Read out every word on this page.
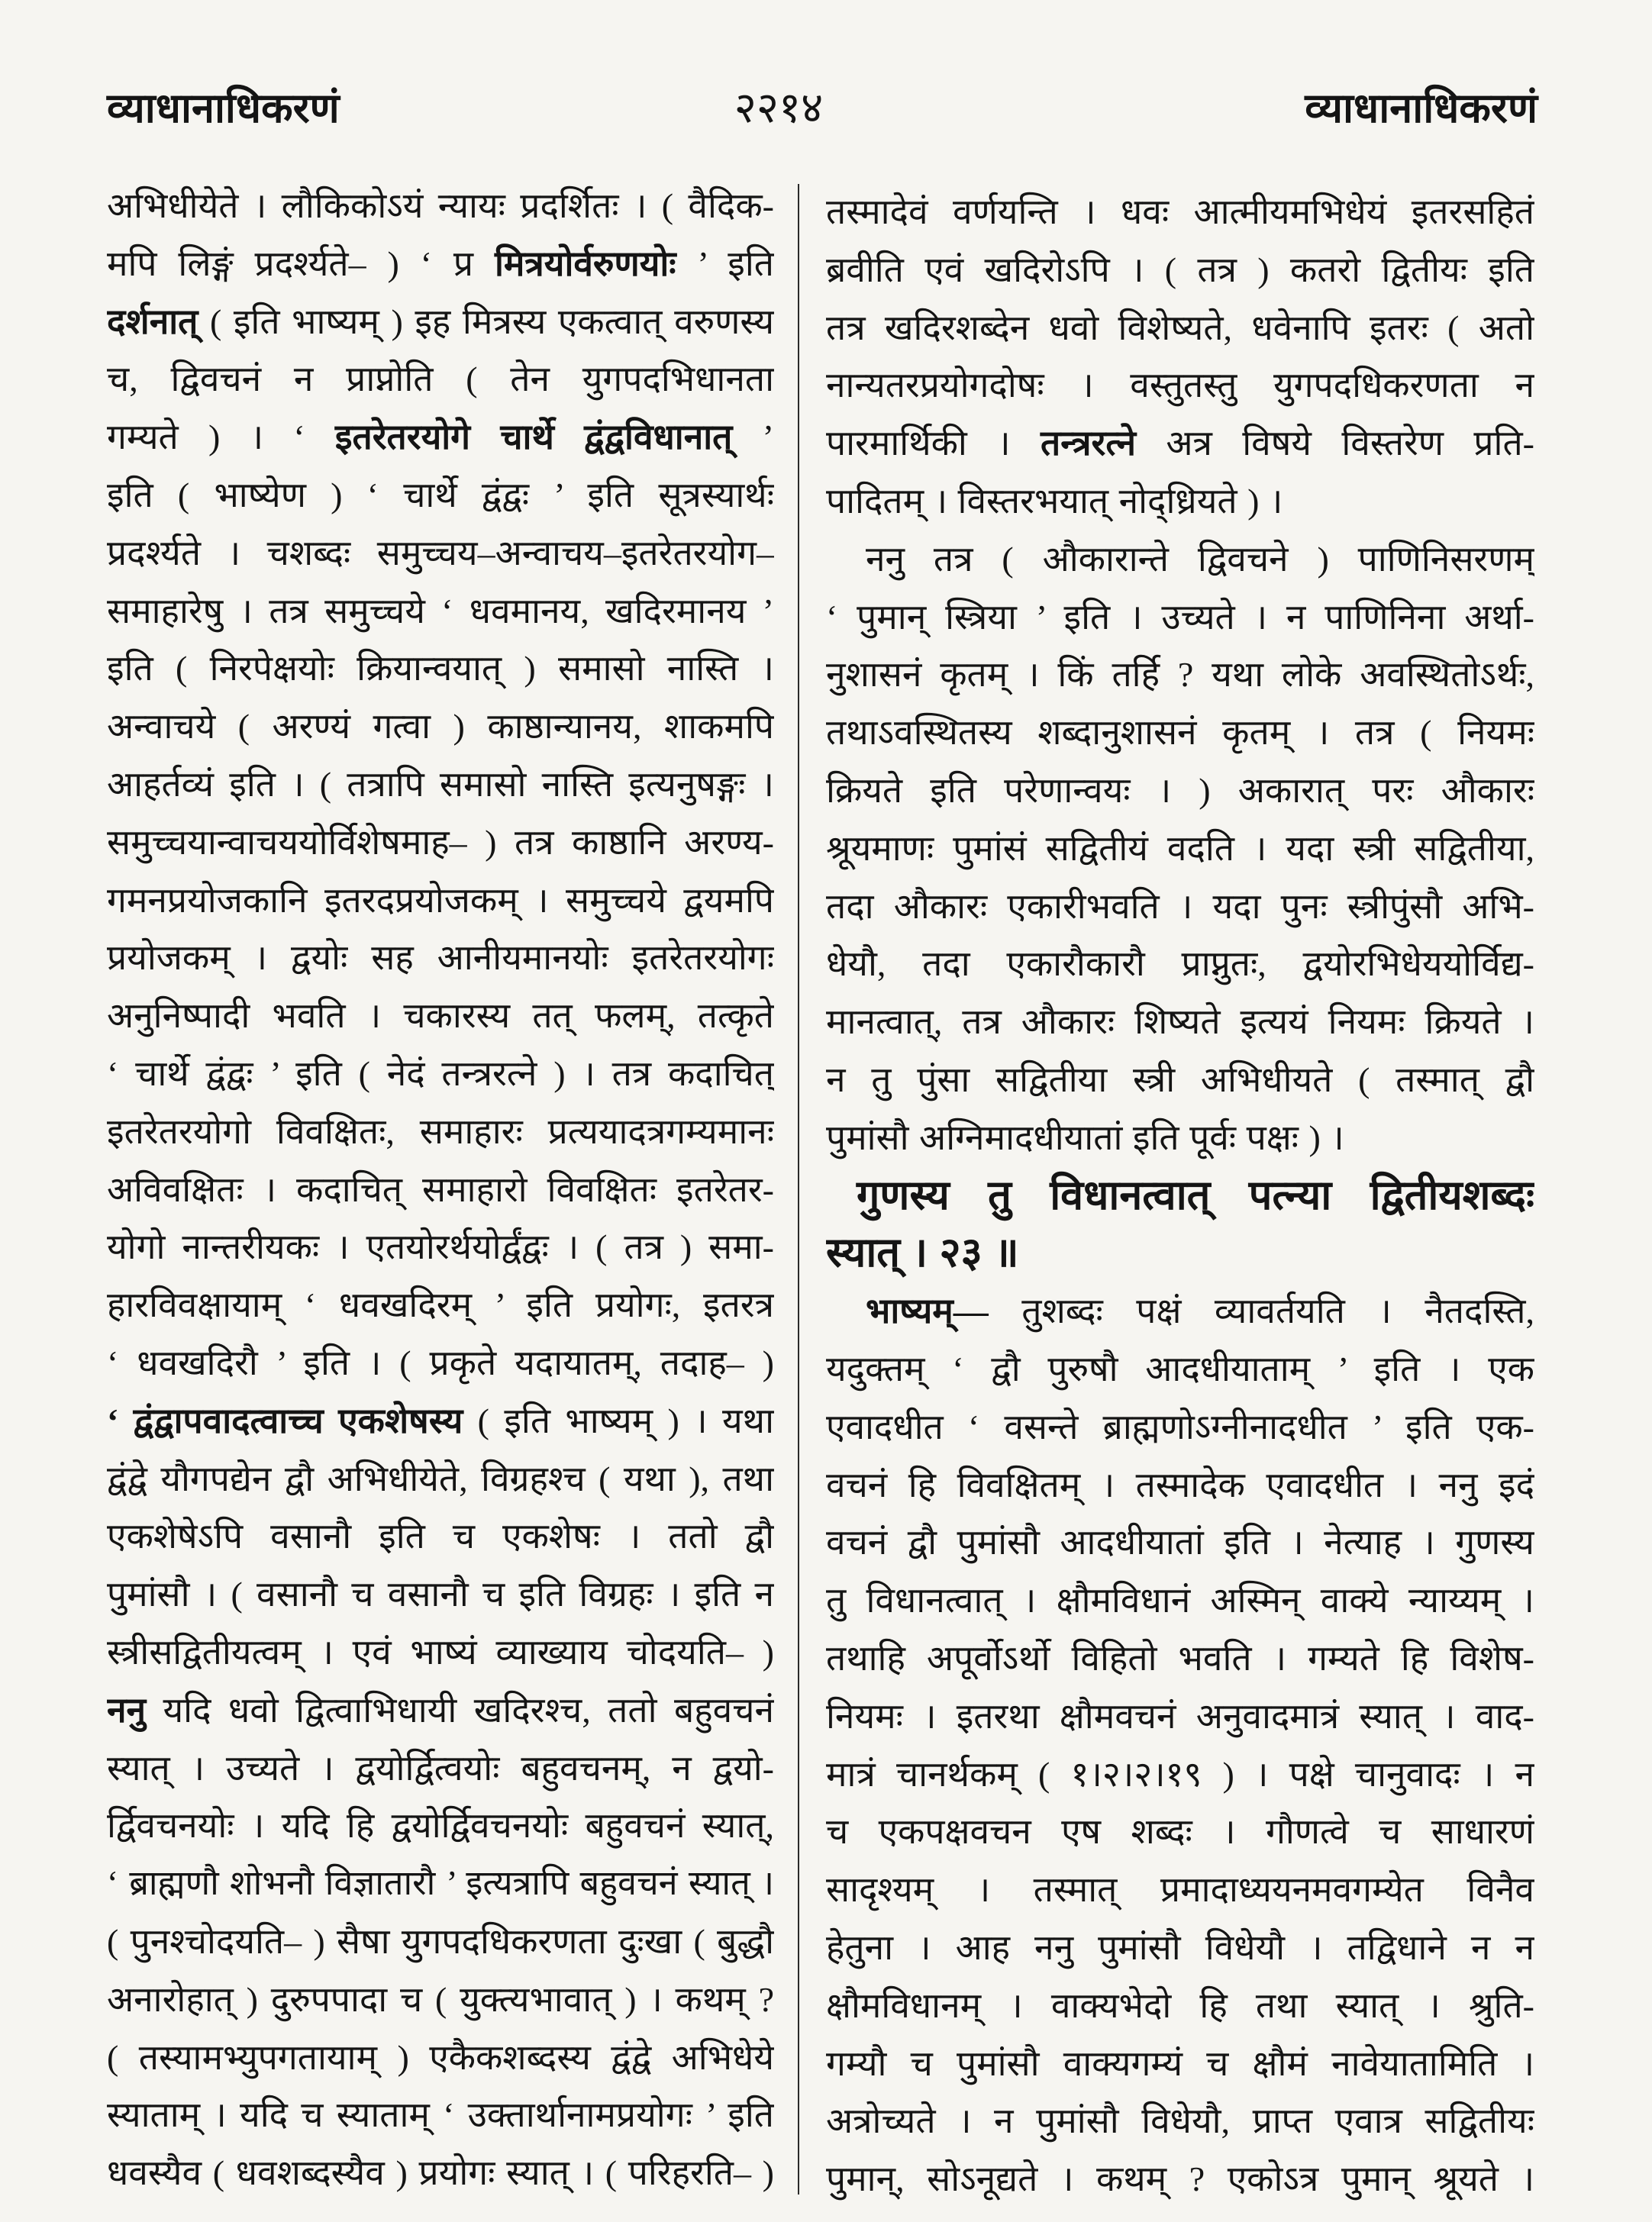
व्याधानाधिकरणं	२२१४	व्याधानाधिकरणं
अभिधीयेते । लौकिकोऽयं न्यायः प्रदर्शितः । ( वैदिक-
मपि लिङ्गं प्रदर्श्यते– ) ‘ प्र मित्रयोर्वरुणयोः ’ इति
दर्शनात् ( इति भाष्यम् ) इह मित्रस्य एकत्वात् वरुणस्य
च, द्विवचनं न प्राप्नोति ( तेन युगपदभिधानता
गम्यते ) । ‘ इतरेतरयोगे चार्थे द्वंद्वविधानात् ’
इति ( भाष्येण ) ‘ चार्थे द्वंद्वः ’ इति सूत्रस्यार्थः
प्रदर्श्यते । चशब्दः समुच्चय–अन्वाचय–इतरेतरयोग–
समाहारेषु । तत्र समुच्चये ‘ धवमानय, खदिरमानय ’
इति ( निरपेक्षयोः क्रियान्वयात् ) समासो नास्ति ।
अन्वाचये ( अरण्यं गत्वा ) काष्ठान्यानय, शाकमपि
आहर्तव्यं इति । ( तत्रापि समासो नास्ति इत्यनुषङ्गः ।
समुच्चयान्वाचययोर्विशेषमाह– ) तत्र काष्ठानि अरण्य-
गमनप्रयोजकानि इतरदप्रयोजकम् । समुच्चये द्वयमपि
प्रयोजकम् । द्वयोः सह आनीयमानयोः इतरेतरयोगः
अनुनिष्पादी भवति । चकारस्य तत् फलम्, तत्कृते
‘ चार्थे द्वंद्वः ’ इति ( नेदं तन्त्ररत्ने ) । तत्र कदाचित्
इतरेतरयोगो विवक्षितः, समाहारः प्रत्ययादत्रगम्यमानः
अविवक्षितः । कदाचित् समाहारो विवक्षितः इतरेतर-
योगो नान्तरीयकः । एतयोरर्थयोर्द्वंद्वः । ( तत्र ) समा-
हारविवक्षायाम् ‘ धवखदिरम् ’ इति प्रयोगः, इतरत्र
‘ धवखदिरौ ’ इति । ( प्रकृते यदायातम्, तदाह– )
‘ द्वंद्वापवादत्वाच्च एकशेषस्य ( इति भाष्यम् ) । यथा
द्वंद्वे यौगपद्येन द्वौ अभिधीयेते, विग्रहश्च ( यथा ), तथा
एकशेषेऽपि वसानौ इति च एकशेषः । ततो द्वौ
पुमांसौ । ( वसानौ च वसानौ च इति विग्रहः । इति न
स्त्रीसद्वितीयत्वम् । एवं भाष्यं व्याख्याय चोदयति– )
ननु यदि धवो द्वित्वाभिधायी खदिरश्च, ततो बहुवचनं
स्यात् । उच्यते । द्वयोर्द्वित्वयोः बहुवचनम्, न द्वयो-
र्द्विवचनयोः । यदि हि द्वयोर्द्विवचनयोः बहुवचनं स्यात्,
‘ ब्राह्मणौ शोभनौ विज्ञातारौ ’ इत्यत्रापि बहुवचनं स्यात् ।
( पुनश्चोदयति– ) सैषा युगपदधिकरणता दुःखा ( बुद्धौ
अनारोहात् ) दुरुपपादा च ( युक्त्यभावात् ) । कथम् ?
( तस्यामभ्युपगतायाम् ) एकैकशब्दस्य द्वंद्वे अभिधेये
स्याताम् । यदि च स्याताम् ‘ उक्तार्थानामप्रयोगः ’ इति
धवस्यैव ( धवशब्दस्यैव ) प्रयोगः स्यात् । ( परिहरति– )
तस्मादेवं वर्णयन्ति । धवः आत्मीयमभिधेयं इतरसहितं
ब्रवीति एवं खदिरोऽपि । ( तत्र ) कतरो द्वितीयः इति
तत्र खदिरशब्देन धवो विशेष्यते, धवेनापि इतरः ( अतो
नान्यतरप्रयोगदोषः । वस्तुतस्तु युगपदधिकरणता न
पारमार्थिकी । तन्त्ररत्ने अत्र विषये विस्तरेण प्रति-
पादितम् । विस्तरभयात् नोद्ध्रियते ) ।
ननु तत्र ( औकारान्ते द्विवचने ) पाणिनिसरणम्
‘ पुमान् स्त्रिया ’ इति । उच्यते । न पाणिनिना अर्था-
नुशासनं कृतम् । किं तर्हि ? यथा लोके अवस्थितोऽर्थः,
तथाऽवस्थितस्य शब्दानुशासनं कृतम् । तत्र ( नियमः
क्रियते इति परेणान्वयः । ) अकारात् परः औकारः
श्रूयमाणः पुमांसं सद्वितीयं वदति । यदा स्त्री सद्वितीया,
तदा औकारः एकारीभवति । यदा पुनः स्त्रीपुंसौ अभि-
धेयौ, तदा एकारौकारौ प्राप्नुतः, द्वयोरभिधेययोर्विद्य-
मानत्वात्, तत्र औकारः शिष्यते इत्ययं नियमः क्रियते ।
न तु पुंसा सद्वितीया स्त्री अभिधीयते ( तस्मात् द्वौ
पुमांसौ अग्निमादधीयातां इति पूर्वः पक्षः ) ।
गुणस्य तु विधानत्वात् पत्न्या द्वितीयशब्दः
स्यात् । २३ ॥
भाष्यम्— तुशब्दः पक्षं व्यावर्तयति । नैतदस्ति,
यदुक्तम् ‘ द्वौ पुरुषौ आदधीयाताम् ’ इति । एक
एवादधीत ‘ वसन्ते ब्राह्मणोऽग्नीनादधीत ’ इति एक-
वचनं हि विवक्षितम् । तस्मादेक एवादधीत । ननु इदं
वचनं द्वौ पुमांसौ आदधीयातां इति । नेत्याह । गुणस्य
तु विधानत्वात् । क्षौमविधानं अस्मिन् वाक्ये न्याय्यम् ।
तथाहि अपूर्वोऽर्थो विहितो भवति । गम्यते हि विशेष-
नियमः । इतरथा क्षौमवचनं अनुवादमात्रं स्यात् । वाद-
मात्रं चानर्थकम् ( १।२।२।१९ ) । पक्षे चानुवादः । न
च एकपक्षवचन एष शब्दः । गौणत्वे च साधारणं
सादृश्यम् । तस्मात् प्रमादाध्ययनमवगम्येत विनैव
हेतुना । आह ननु पुमांसौ विधेयौ । तद्विधाने न न
क्षौमविधानम् । वाक्यभेदो हि तथा स्यात् । श्रुति-
गम्यौ च पुमांसौ वाक्यगम्यं च क्षौमं नावेयातामिति ।
अत्रोच्यते । न पुमांसौ विधेयौ, प्राप्त एवात्र सद्वितीयः
पुमान्, सोऽनूद्यते । कथम् ? एकोऽत्र पुमान् श्रूयते ।
